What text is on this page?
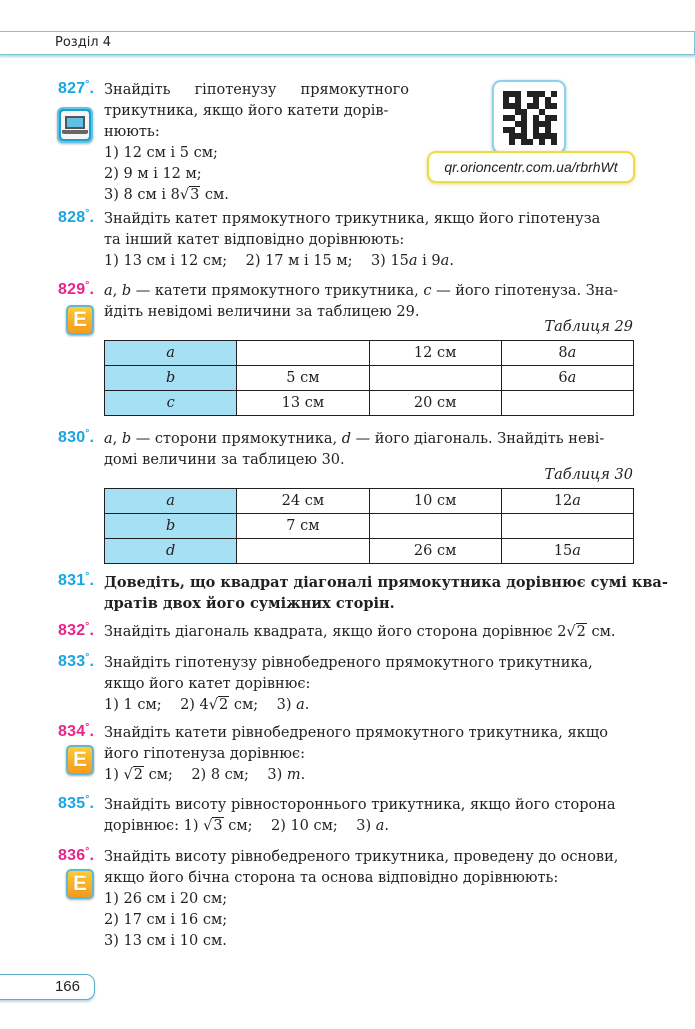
Розділ 4
qr.orioncentr.com.ua/rbrhWt
827°. Знайдіть гіпотенузу прямокутного
трикутника, якщо його катети дорів-
нюють:
1) 12 см і 5 см;
2) 9 м і 12 м;
3) 8 см і 8√3 см.
828°. Знайдіть катет прямокутного трикутника, якщо його гіпотенуза
та інший катет відповідно дорівнюють:
1) 13 см і 12 см; 2) 17 м і 15 м; 3) 15a і 9a.
829°.
E
a, b — катети прямокутного трикутника, c — його гіпотенуза. Зна-
йдіть невідомі величини за таблицею 29.
Таблиця 29
a		12 см	8a
b	5 см		6a
c	13 см	20 см	
830°. a, b — сторони прямокутника, d — його діагональ. Знайдіть неві-
домі величини за таблицею 30.
Таблиця 30
a	24 см	10 см	12a
b	7 см		
d		26 см	15a
831°. Доведіть, що квадрат діагоналі прямокутника дорівнює сумі ква-
дратів двох його суміжних сторін.
832°. Знайдіть діагональ квадрата, якщо його сторона дорівнює 2√2 см.
833°. Знайдіть гіпотенузу рівнобедреного прямокутного трикутника,
якщо його катет дорівнює:
1) 1 см; 2) 4√2 см; 3) a.
834°.
E
Знайдіть катети рівнобедреного прямокутного трикутника, якщо
його гіпотенуза дорівнює:
1) √2 см; 2) 8 см; 3) m.
835°. Знайдіть висоту рівностороннього трикутника, якщо його сторона
дорівнює: 1) √3 см; 2) 10 см; 3) a.
836°.
E
Знайдіть висоту рівнобедреного трикутника, проведену до основи,
якщо його бічна сторона та основа відповідно дорівнюють:
1) 26 см і 20 см;
2) 17 см і 16 см;
3) 13 см і 10 см.
166
